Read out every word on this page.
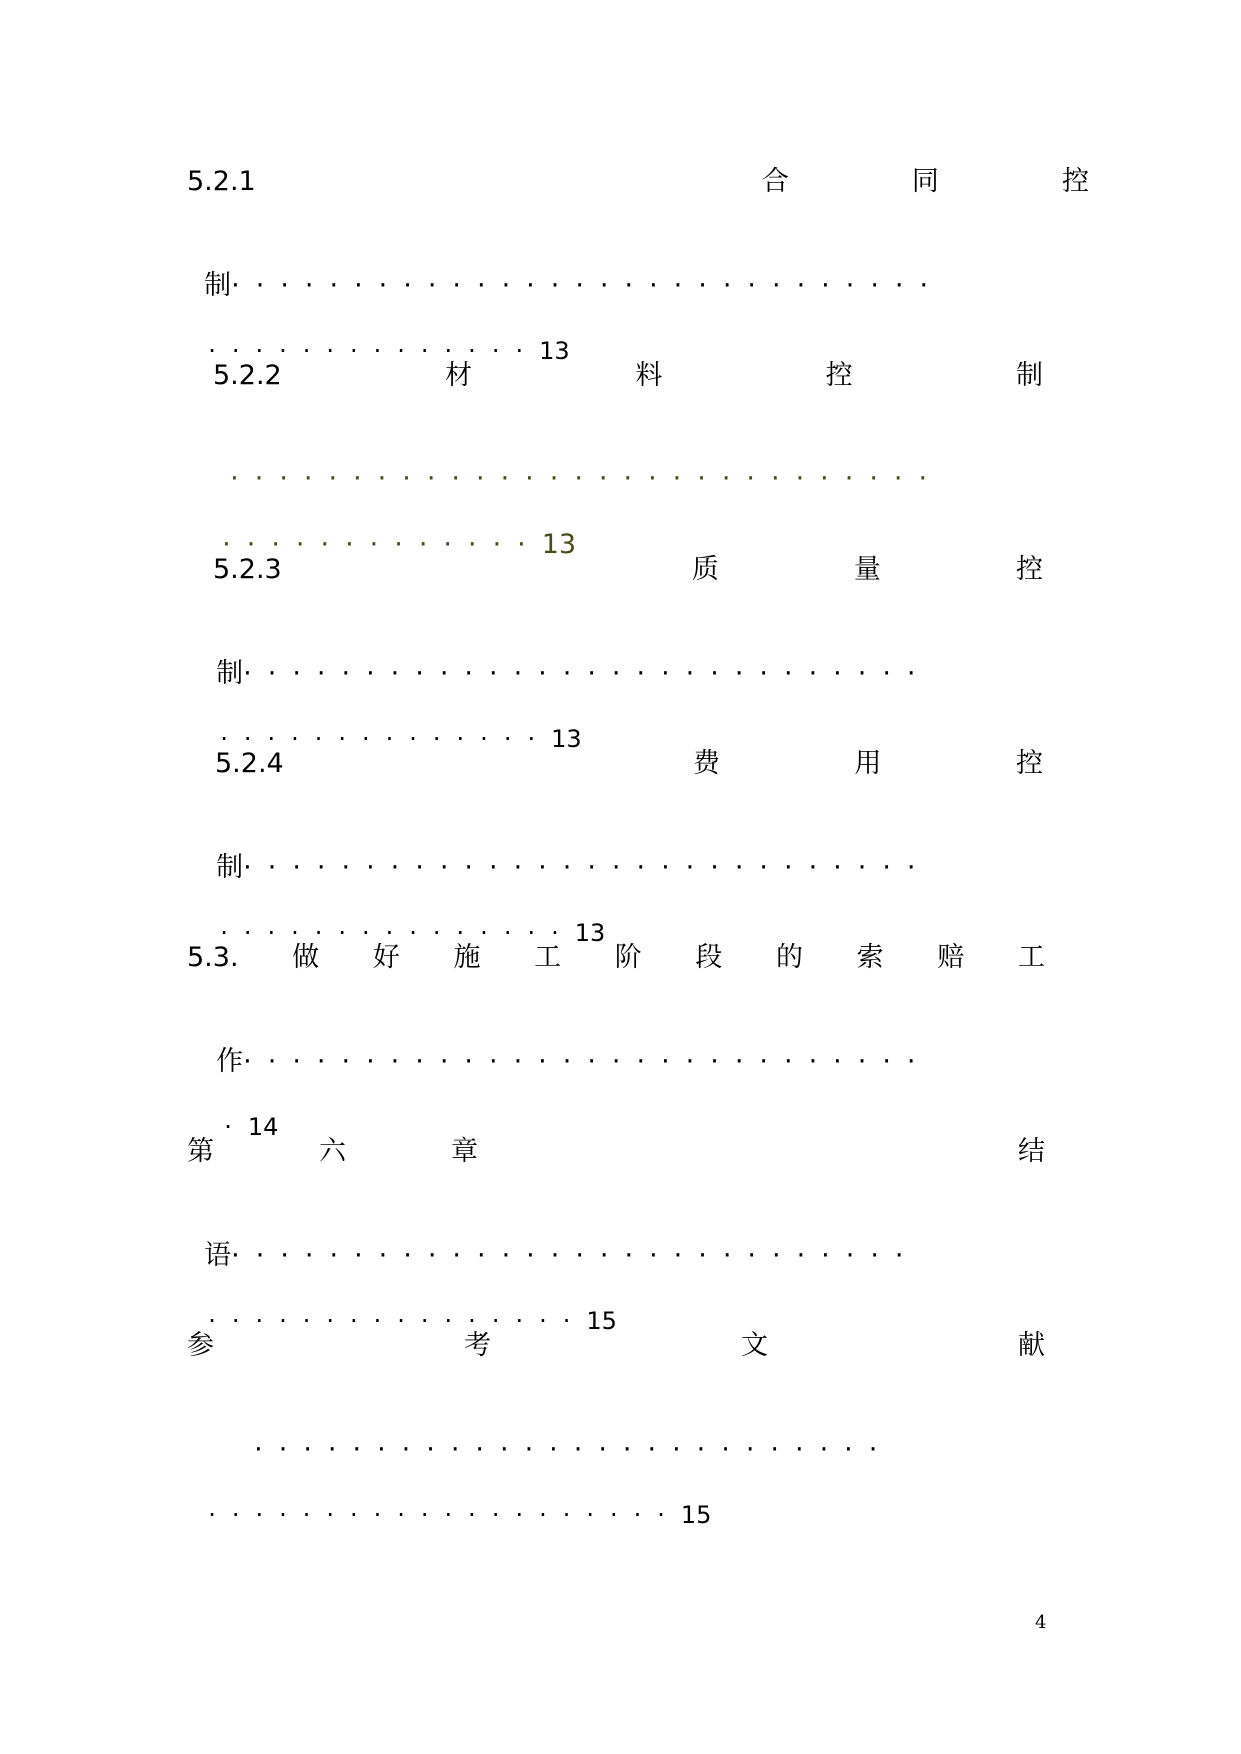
5.2.1	合	同	控

制·····························

··············13

5.2.2	材	料	控	制

·····························

·············13

5.2.3	质	量	控

制····························

··············13

5.2.4	费	用	控

制····························

···············13

5.3. 做 好 施 工 阶 段 的 索 赔 工

作····························

·14

第	六	章	结

语····························

················15

参	考	文	献

··························

····················15

4
